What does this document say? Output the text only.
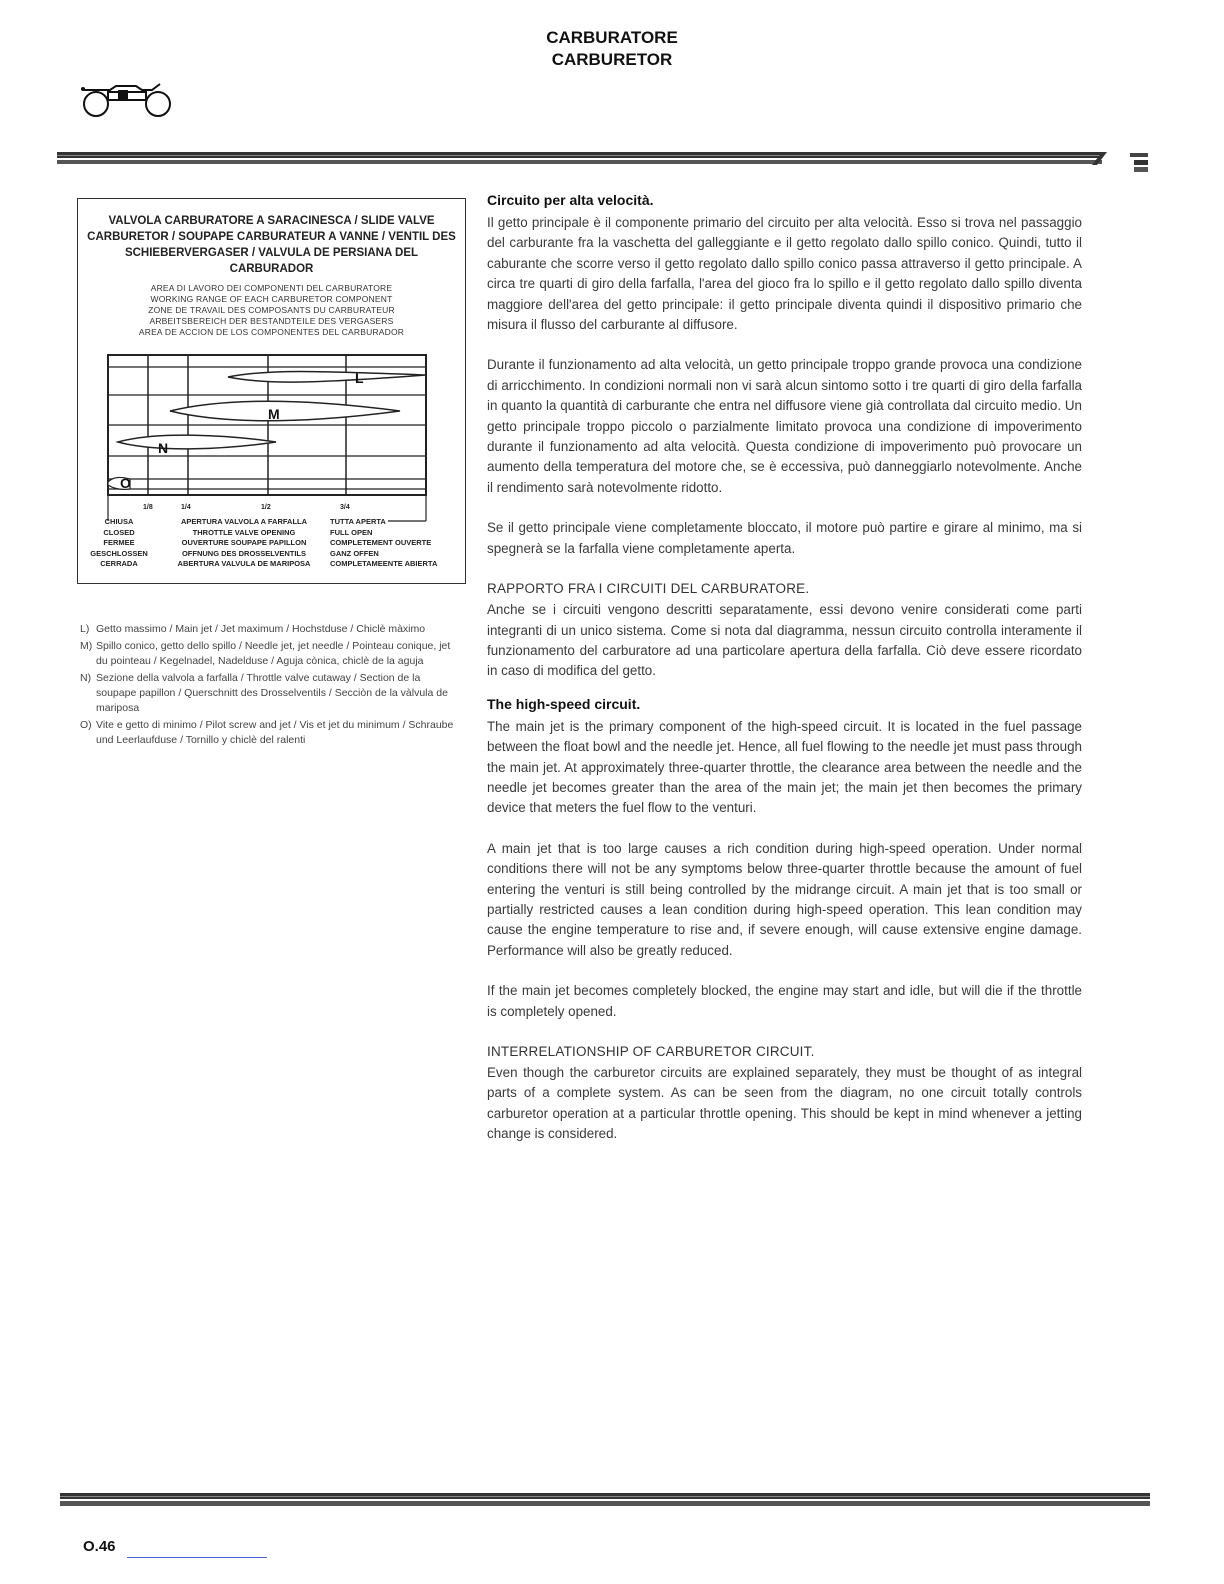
CARBURATORE
CARBURETOR
VALVOLA CARBURATORE A SARACINESCA / SLIDE VALVE CARBURETOR / SOUPAPE CARBURATEUR A VANNE / VENTIL DES SCHIEBERVERGASER / VALVULA DE PERSIANA DEL CARBURADOR
AREA DI LAVORO DEI COMPONENTI DEL CARBURATORE
WORKING RANGE OF EACH CARBURETOR COMPONENT
ZONE DE TRAVAIL DES COMPOSANTS DU CARBURATEUR
ARBEITSBEREICH DER BESTANDTEILE DES VERGASERS
AREA DE ACCION DE LOS COMPONENTES DEL CARBURADOR
L
M
N
O
1/8	1/4	1/2	3/4
CHIUSA
CLOSED
FERMEE
GESCHLOSSEN
CERRADA
APERTURA VALVOLA A FARFALLA
THROTTLE VALVE OPENING
OUVERTURE SOUPAPE PAPILLON
OFFNUNG DES DROSSELVENTILS
ABERTURA VALVULA DE MARIPOSA
TUTTA APERTA
FULL OPEN
COMPLETEMENT OUVERTE
GANZ OFFEN
COMPLETAMEENTE ABIERTA
L) Getto massimo / Main jet / Jet maximum / Hochstduse / Chiclè màximo
M) Spillo conico, getto dello spillo / Needle jet, jet needle / Pointeau conique, jet du pointeau / Kegelnadel, Nadelduse / Aguja cònica, chiclè de la aguja
N) Sezione della valvola a farfalla / Throttle valve cutaway / Section de la soupape papillon / Querschnitt des Drosselventils / Secciòn de la vàlvula de mariposa
O) Vite e getto di minimo / Pilot screw and jet / Vis et jet du minimum / Schraube und Leerlaufduse / Tornillo y chiclè del ralenti
Circuito per alta velocità.

Il getto principale è il componente primario del circuito per alta velocità. Esso si trova nel passaggio del carburante fra la vaschetta del galleggiante e il getto regolato dallo spillo conico. Quindi, tutto il caburante che scorre verso il getto regolato dallo spillo conico passa attraverso il getto principale. A circa tre quarti di giro della farfalla, l'area del gioco fra lo spillo e il getto regolato dallo spillo diventa maggiore dell'area del getto principale: il getto principale diventa quindi il dispositivo primario che misura il flusso del carburante al diffusore.

Durante il funzionamento ad alta velocità, un getto principale troppo grande provoca una condizione di arricchimento. In condizioni normali non vi sarà alcun sintomo sotto i tre quarti di giro della farfalla in quanto la quantità di carburante che entra nel diffusore viene già controllata dal circuito medio. Un getto principale troppo piccolo o parzialmente limitato provoca una condizione di impoverimento durante il funzionamento ad alta velocità. Questa condizione di impoverimento può provocare un aumento della temperatura del motore che, se è eccessiva, può danneggiarlo notevolmente. Anche il rendimento sarà notevolmente ridotto.

Se il getto principale viene completamente bloccato, il motore può partire e girare al minimo, ma si spegnerà se la farfalla viene completamente aperta.

RAPPORTO FRA I CIRCUITI DEL CARBURATORE.

Anche se i circuiti vengono descritti separatamente, essi devono venire considerati come parti integranti di un unico sistema. Come si nota dal diagramma, nessun circuito controlla interamente il funzionamento del carburatore ad una particolare apertura della farfalla. Ciò deve essere ricordato in caso di modifica del getto.

The high-speed circuit.

The main jet is the primary component of the high-speed circuit. It is located in the fuel passage between the float bowl and the needle jet. Hence, all fuel flowing to the needle jet must pass through the main jet. At approximately three-quarter throttle, the clearance area between the needle and the needle jet becomes greater than the area of the main jet; the main jet then becomes the primary device that meters the fuel flow to the venturi.

A main jet that is too large causes a rich condition during high-speed operation. Under normal conditions there will not be any symptoms below three-quarter throttle because the amount of fuel entering the venturi is still being controlled by the midrange circuit. A main jet that is too small or partially restricted causes a lean condition during high-speed operation. This lean condition may cause the engine temperature to rise and, if severe enough, will cause extensive engine damage. Performance will also be greatly reduced.

If the main jet becomes completely blocked, the engine may start and idle, but will die if the throttle is completely opened.

INTERRELATIONSHIP OF CARBURETOR CIRCUIT.

Even though the carburetor circuits are explained separately, they must be thought of as integral parts of a complete system. As can be seen from the diagram, no one circuit totally controls carburetor operation at a particular throttle opening. This should be kept in mind whenever a jetting change is considered.

O.46
